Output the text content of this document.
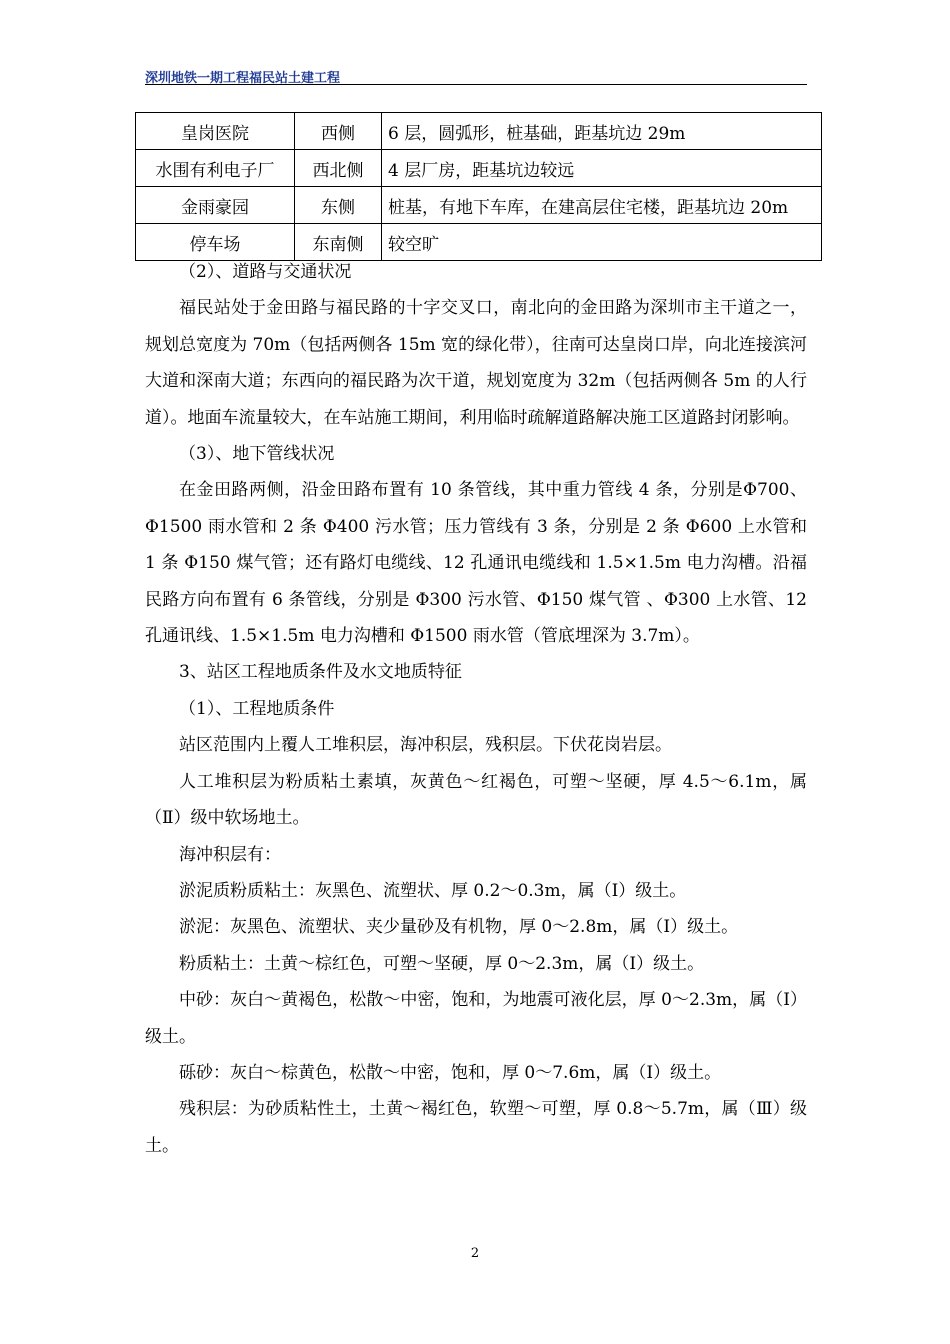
深圳地铁一期工程福民站土建工程
皇岗医院	西侧	6 层，圆弧形，桩基础，距基坑边 29m
水围有利电子厂	西北侧	4 层厂房，距基坑边较远
金雨豪园	东侧	桩基，有地下车库，在建高层住宅楼，距基坑边 20m
停车场	东南侧	较空旷

（2）、道路与交通状况

福民站处于金田路与福民路的十字交叉口，南北向的金田路为深圳市主干道之一，规划总宽度为 70m（包括两侧各 15m 宽的绿化带），往南可达皇岗口岸，向北连接滨河大道和深南大道；东西向的福民路为次干道，规划宽度为 32m（包括两侧各 5m 的人行道）。地面车流量较大，在车站施工期间，利用临时疏解道路解决施工区道路封闭影响。

（3）、地下管线状况

在金田路两侧，沿金田路布置有 10 条管线，其中重力管线 4 条，分别是Φ700、Φ1500 雨水管和 2 条 Φ400 污水管；压力管线有 3 条，分别是 2 条 Φ600 上水管和 1 条 Φ150 煤气管；还有路灯电缆线、12 孔通讯电缆线和 1.5×1.5m 电力沟槽。沿福民路方向布置有 6 条管线，分别是 Φ300 污水管、Φ150 煤气管 、Φ300 上水管、12 孔通讯线、1.5×1.5m 电力沟槽和 Φ1500 雨水管（管底埋深为 3.7m）。

3、站区工程地质条件及水文地质特征

（1）、工程地质条件

站区范围内上覆人工堆积层，海冲积层，残积层。下伏花岗岩层。

人工堆积层为粉质粘土素填，灰黄色～红褐色，可塑～坚硬，厚 4.5～6.1m，属（Ⅱ）级中软场地土。

海冲积层有：

淤泥质粉质粘土：灰黑色、流塑状、厚 0.2～0.3m，属（Ⅰ）级土。

淤泥：灰黑色、流塑状、夹少量砂及有机物，厚 0～2.8m，属（Ⅰ）级土。

粉质粘土：土黄～棕红色，可塑～坚硬，厚 0～2.3m，属（Ⅰ）级土。

中砂：灰白～黄褐色，松散～中密，饱和，为地震可液化层，厚 0～2.3m，属（Ⅰ）级土。

砾砂：灰白～棕黄色，松散～中密，饱和，厚 0～7.6m，属（Ⅰ）级土。

残积层：为砂质粘性土，土黄～褐红色，软塑～可塑，厚 0.8～5.7m，属（Ⅲ）级土。

2
